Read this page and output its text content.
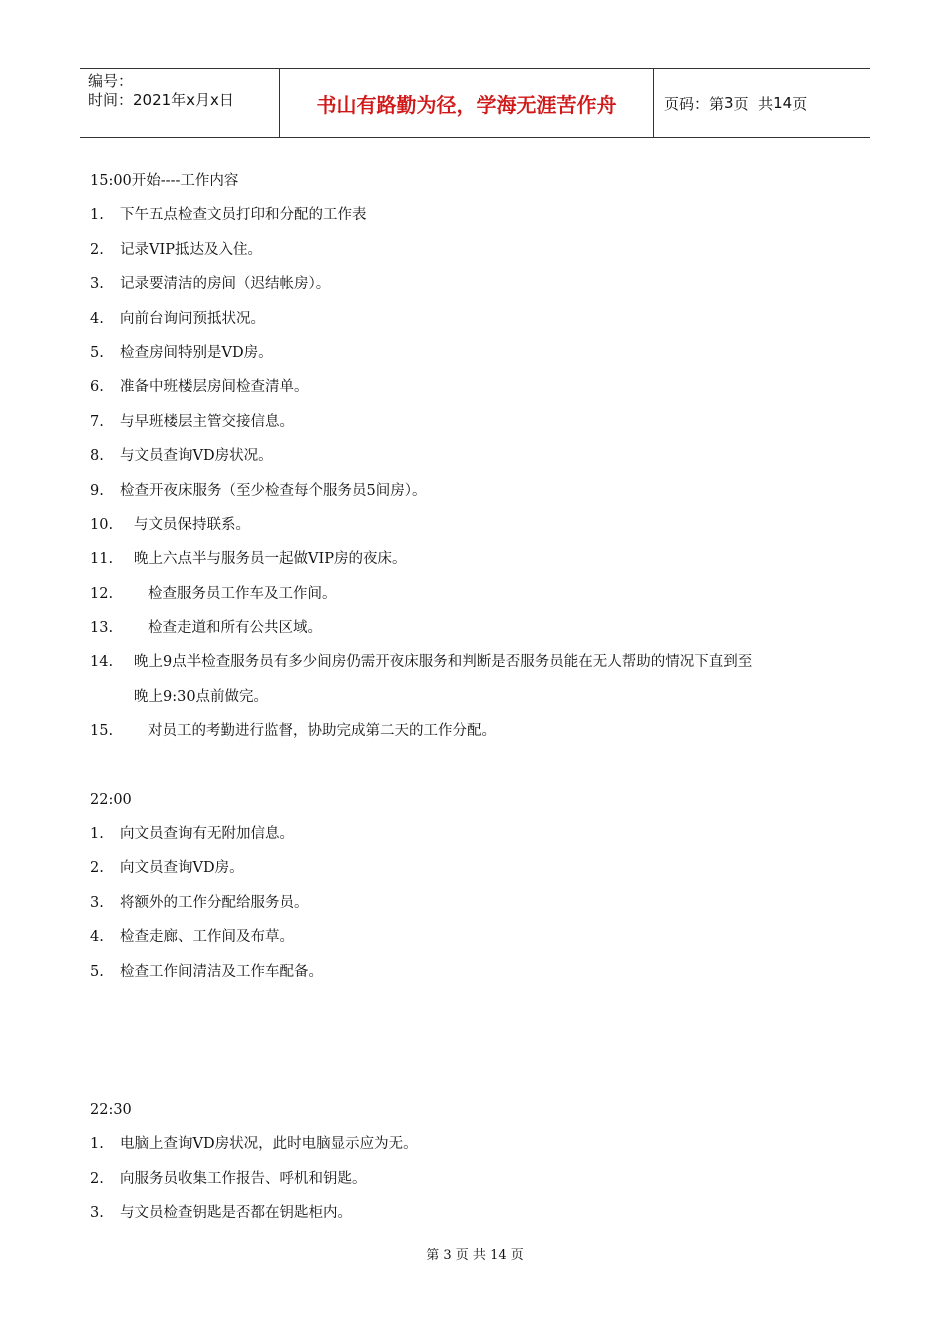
编号：
时间：2021年x月x日	书山有路勤为径，学海无涯苦作舟	页码：第 3 页  共 14 页
15:00开始----工作内容
1. 下午五点检查文员打印和分配的工作表
2. 记录VIP抵达及入住。
3. 记录要清洁的房间（迟结帐房）。
4. 向前台询问预抵状况。
5. 检查房间特别是VD房。
6. 准备中班楼层房间检查清单。
7. 与早班楼层主管交接信息。
8. 与文员查询VD房状况。
9. 检查开夜床服务（至少检查每个服务员5间房）。
10. 与文员保持联系。
11. 晚上六点半与服务员一起做VIP房的夜床。
12. 检查服务员工作车及工作间。
13. 检查走道和所有公共区域。
14. 晚上9点半检查服务员有多少间房仍需开夜床服务和判断是否服务员能在无人帮助的情况下直到至
晚上9:30点前做完。
15. 对员工的考勤进行监督，协助完成第二天的工作分配。
22:00
1. 向文员查询有无附加信息。
2. 向文员查询VD房。
3. 将额外的工作分配给服务员。
4. 检查走廊、工作间及布草。
5. 检查工作间清洁及工作车配备。
22:30
1. 电脑上查询VD房状况，此时电脑显示应为无。
2. 向服务员收集工作报告、呼机和钥匙。
3. 与文员检查钥匙是否都在钥匙柜内。
第 3 页 共 14 页
